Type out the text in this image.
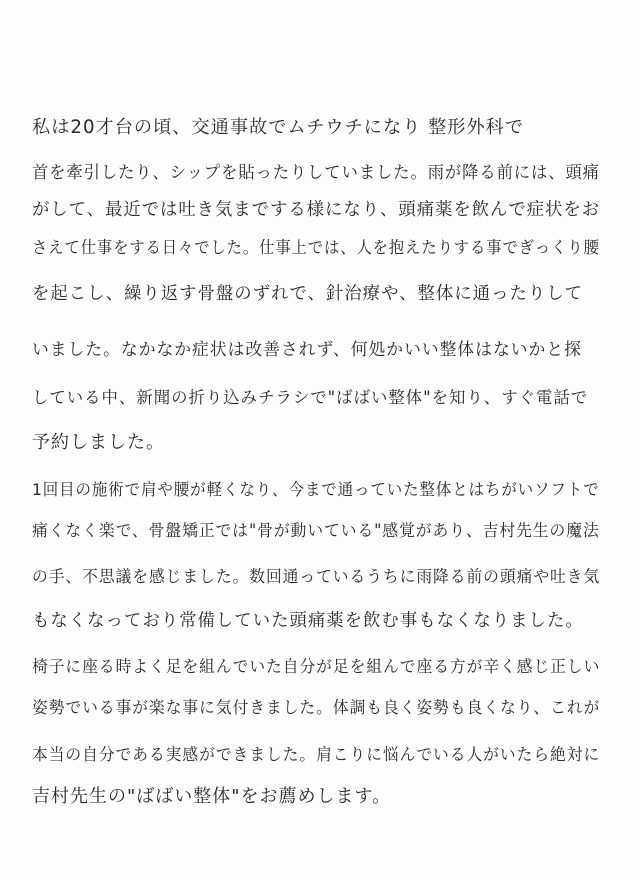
私は20才台の頃、交通事故でムチウチになり 整形外科で
首を牽引したり、シップを貼ったりしていました。雨が降る前には、頭痛
がして、最近では吐き気までする様になり、頭痛薬を飲んで症状をお
さえて仕事をする日々でした。仕事上では、人を抱えたりする事でぎっくり腰
を起こし、繰り返す骨盤のずれで、針治療や、整体に通ったりして
いました。なかなか症状は改善されず、何処かいい整体はないかと探
している中、新聞の折り込みチラシで"ばばい整体"を知り、すぐ電話で
予約しました。
1回目の施術で肩や腰が軽くなり、今まで通っていた整体とはちがいソフトで
痛くなく楽で、骨盤矯正では"骨が動いている"感覚があり、吉村先生の魔法
の手、不思議を感じました。数回通っているうちに雨降る前の頭痛や吐き気
もなくなっており常備していた頭痛薬を飲む事もなくなりました。
椅子に座る時よく足を組んでいた自分が足を組んで座る方が辛く感じ正しい
姿勢でいる事が楽な事に気付きました。体調も良く姿勢も良くなり、これが
本当の自分である実感ができました。肩こりに悩んでいる人がいたら絶対に
吉村先生の"ばばい整体"をお薦めします。
